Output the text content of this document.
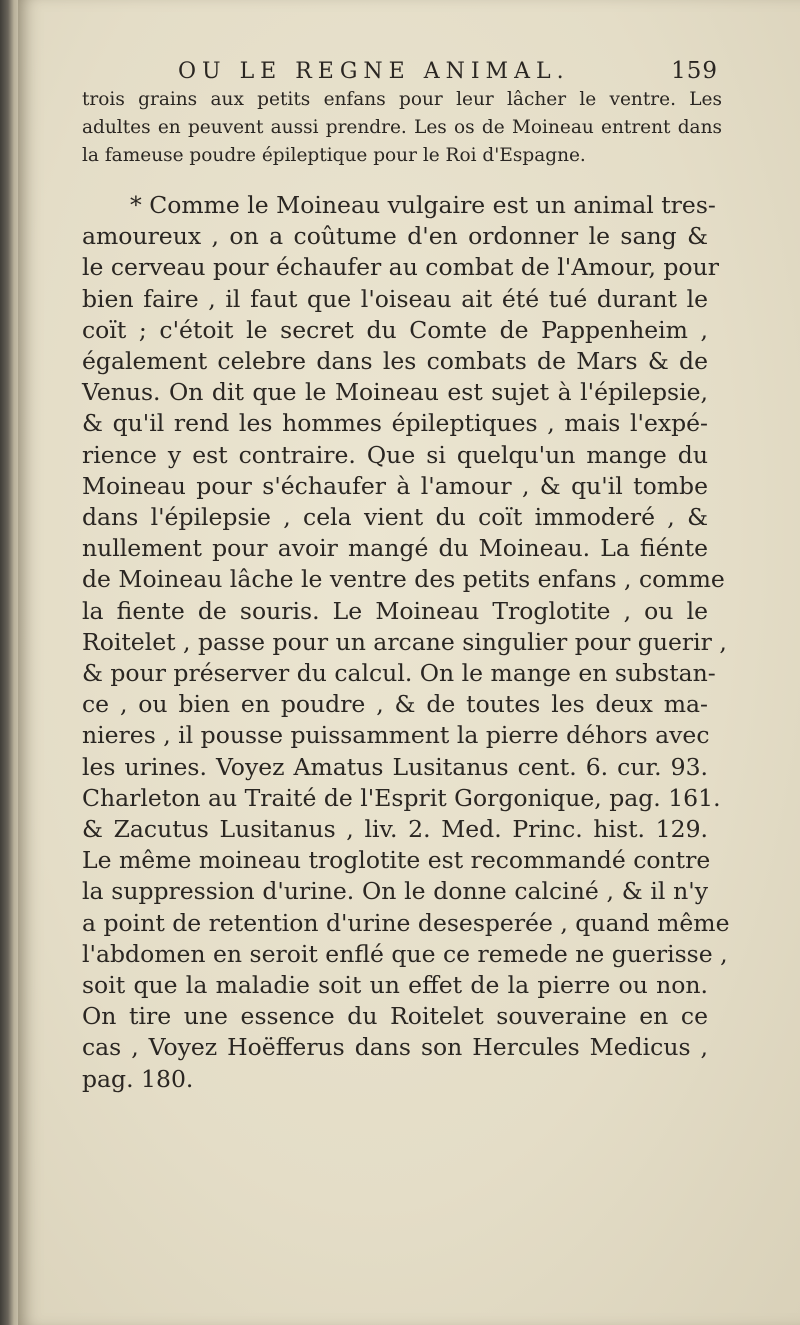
OU LE REGNE ANIMAL.	159
trois grains aux petits enfans pour leur lâcher le ventre. Les
adultes en peuvent aussi prendre. Les os de Moineau entrent dans
la fameuse poudre épileptique pour le Roi d'Espagne.
* Comme le Moineau vulgaire est un animal tres-
amoureux , on a coûtume d'en ordonner le sang &
le cerveau pour échaufer au combat de l'Amour, pour
bien faire , il faut que l'oiseau ait été tué durant le
coït ; c'étoit le secret du Comte de Pappenheim ,
également celebre dans les combats de Mars & de
Venus. On dit que le Moineau est sujet à l'épilepsie,
& qu'il rend les hommes épileptiques , mais l'expé-
rience y est contraire. Que si quelqu'un mange du
Moineau pour s'échaufer à l'amour , & qu'il tombe
dans l'épilepsie , cela vient du coït immoderé , &
nullement pour avoir mangé du Moineau. La fiénte
de Moineau lâche le ventre des petits enfans , comme
la fiente de souris. Le Moineau Troglotite , ou le
Roitelet , passe pour un arcane singulier pour guerir ,
& pour préserver du calcul. On le mange en substan-
ce , ou bien en poudre , & de toutes les deux ma-
nieres , il pousse puissamment la pierre déhors avec
les urines. Voyez Amatus Lusitanus cent. 6. cur. 93.
Charleton au Traité de l'Esprit Gorgonique, pag. 161.
& Zacutus Lusitanus , liv. 2. Med. Princ. hist. 129.
Le même moineau troglotite est recommandé contre
la suppression d'urine. On le donne calciné , & il n'y
a point de retention d'urine desesperée , quand même
l'abdomen en seroit enflé que ce remede ne guerisse ,
soit que la maladie soit un effet de la pierre ou non.
On tire une essence du Roitelet souveraine en ce
cas , Voyez Hoëfferus dans son Hercules Medicus ,
pag. 180.
